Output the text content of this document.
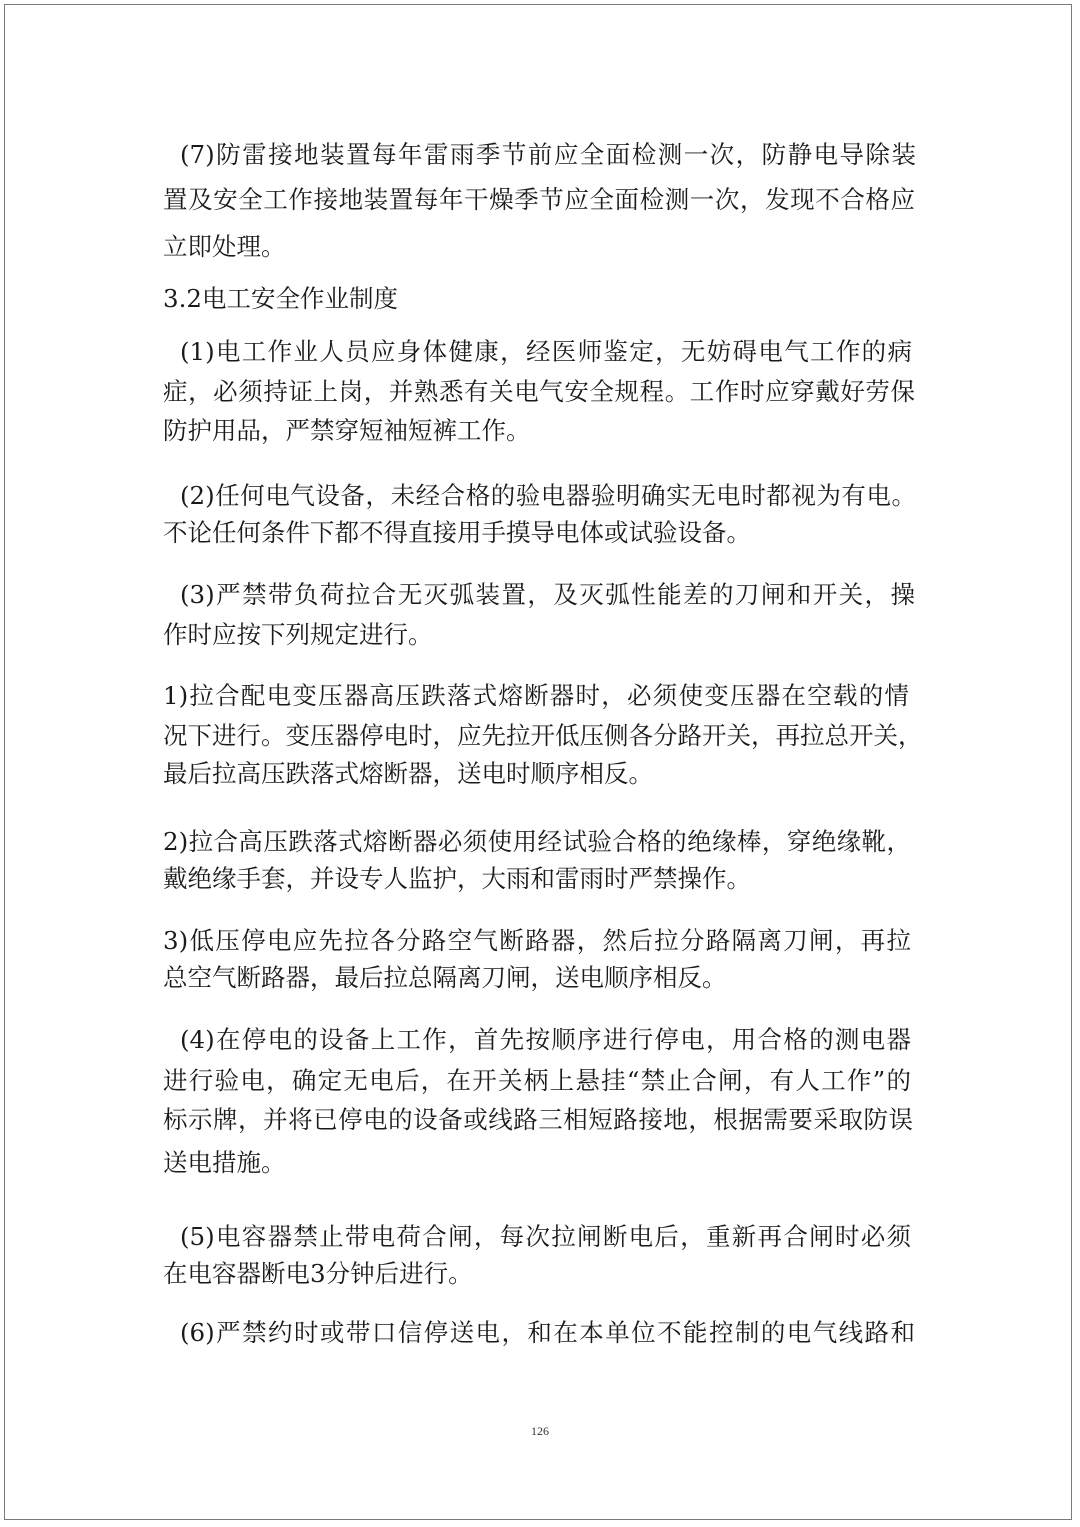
(7)防雷接地装置每年雷雨季节前应全面检测一次，防静电导除装
置及安全工作接地装置每年干燥季节应全面检测一次，发现不合格应
立即处理。
3.2电工安全作业制度
(1)电工作业人员应身体健康，经医师鉴定，无妨碍电气工作的病
症，必须持证上岗，并熟悉有关电气安全规程。工作时应穿戴好劳保
防护用品，严禁穿短袖短裤工作。
(2)任何电气设备，未经合格的验电器验明确实无电时都视为有电。
不论任何条件下都不得直接用手摸导电体或试验设备。
(3)严禁带负荷拉合无灭弧装置，及灭弧性能差的刀闸和开关，操
作时应按下列规定进行。
1)拉合配电变压器高压跌落式熔断器时，必须使变压器在空载的情
况下进行。变压器停电时，应先拉开低压侧各分路开关，再拉总开关，
最后拉高压跌落式熔断器，送电时顺序相反。
2)拉合高压跌落式熔断器必须使用经试验合格的绝缘棒，穿绝缘靴，
戴绝缘手套，并设专人监护，大雨和雷雨时严禁操作。
3)低压停电应先拉各分路空气断路器，然后拉分路隔离刀闸，再拉
总空气断路器，最后拉总隔离刀闸，送电顺序相反。
(4)在停电的设备上工作，首先按顺序进行停电，用合格的测电器
进行验电，确定无电后，在开关柄上悬挂“禁止合闸，有人工作”的
标示牌，并将已停电的设备或线路三相短路接地，根据需要采取防误
送电措施。
(5)电容器禁止带电荷合闸，每次拉闸断电后，重新再合闸时必须
在电容器断电3分钟后进行。
(6)严禁约时或带口信停送电，和在本单位不能控制的电气线路和
126
